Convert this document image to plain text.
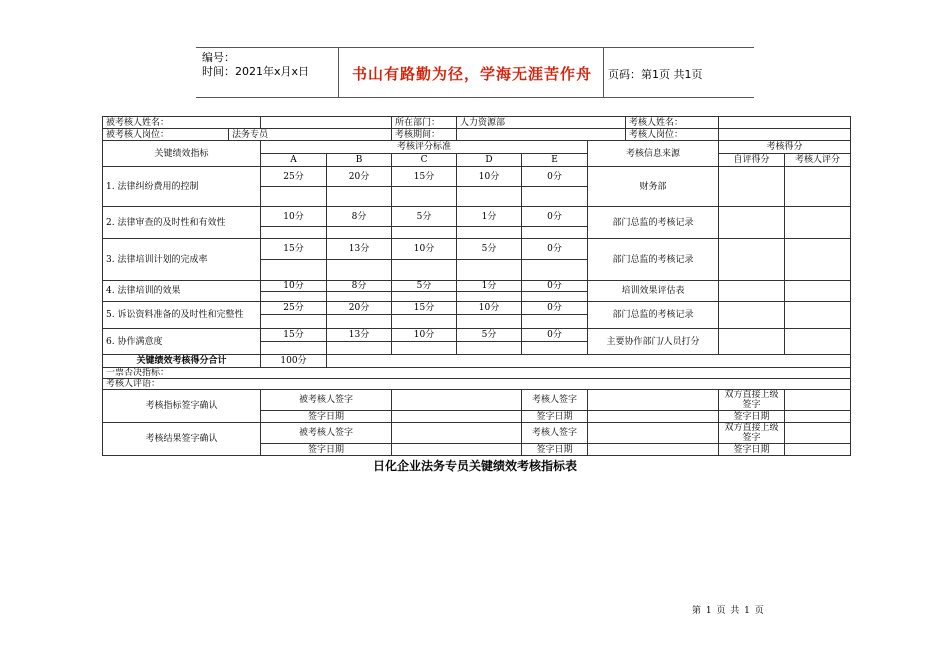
编号：
时间：2021年x月x日	书山有路勤为径，学海无涯苦作舟	页码：第1页 共1页
被考核人姓名：				所在部门：	人力资源部			考核人姓名：		
被考核人岗位：	法务专员			考核期间：				考核人岗位：		
关键绩效指标		考核评分标准					考核信息来源		考核得分	
		A	B	C	D	E			自评得分	考核人评分
1. 法律纠纷费用的控制		25分	20分	15分	10分	0分	财务部			

2. 法律审查的及时性和有效性		10分	8分	5分	1分	0分	部门总监的考核记录			

3. 法律培训计划的完成率		15分	13分	10分	5分	0分	部门总监的考核记录			

4. 法律培训的效果		10分	8分	5分	1分	0分	培训效果评估表			

5. 诉讼资料准备的及时性和完整性		25分	20分	15分	10分	0分	部门总监的考核记录			

6. 协作满意度		15分	13分	10分	5分	0分	主要协作部门/人员打分			

关键绩效考核得分合计		100分								
一票否决指标：										
考核人评语：										
考核指标签字确认		被考核人签字				考核人签字			双方直接上级签字	
		签字日期				签字日期			签字日期	
考核结果签字确认		被考核人签字				考核人签字			双方直接上级签字	
		签字日期				签字日期			签字日期	
日化企业法务专员关键绩效考核指标表
第 1 页 共 1 页
